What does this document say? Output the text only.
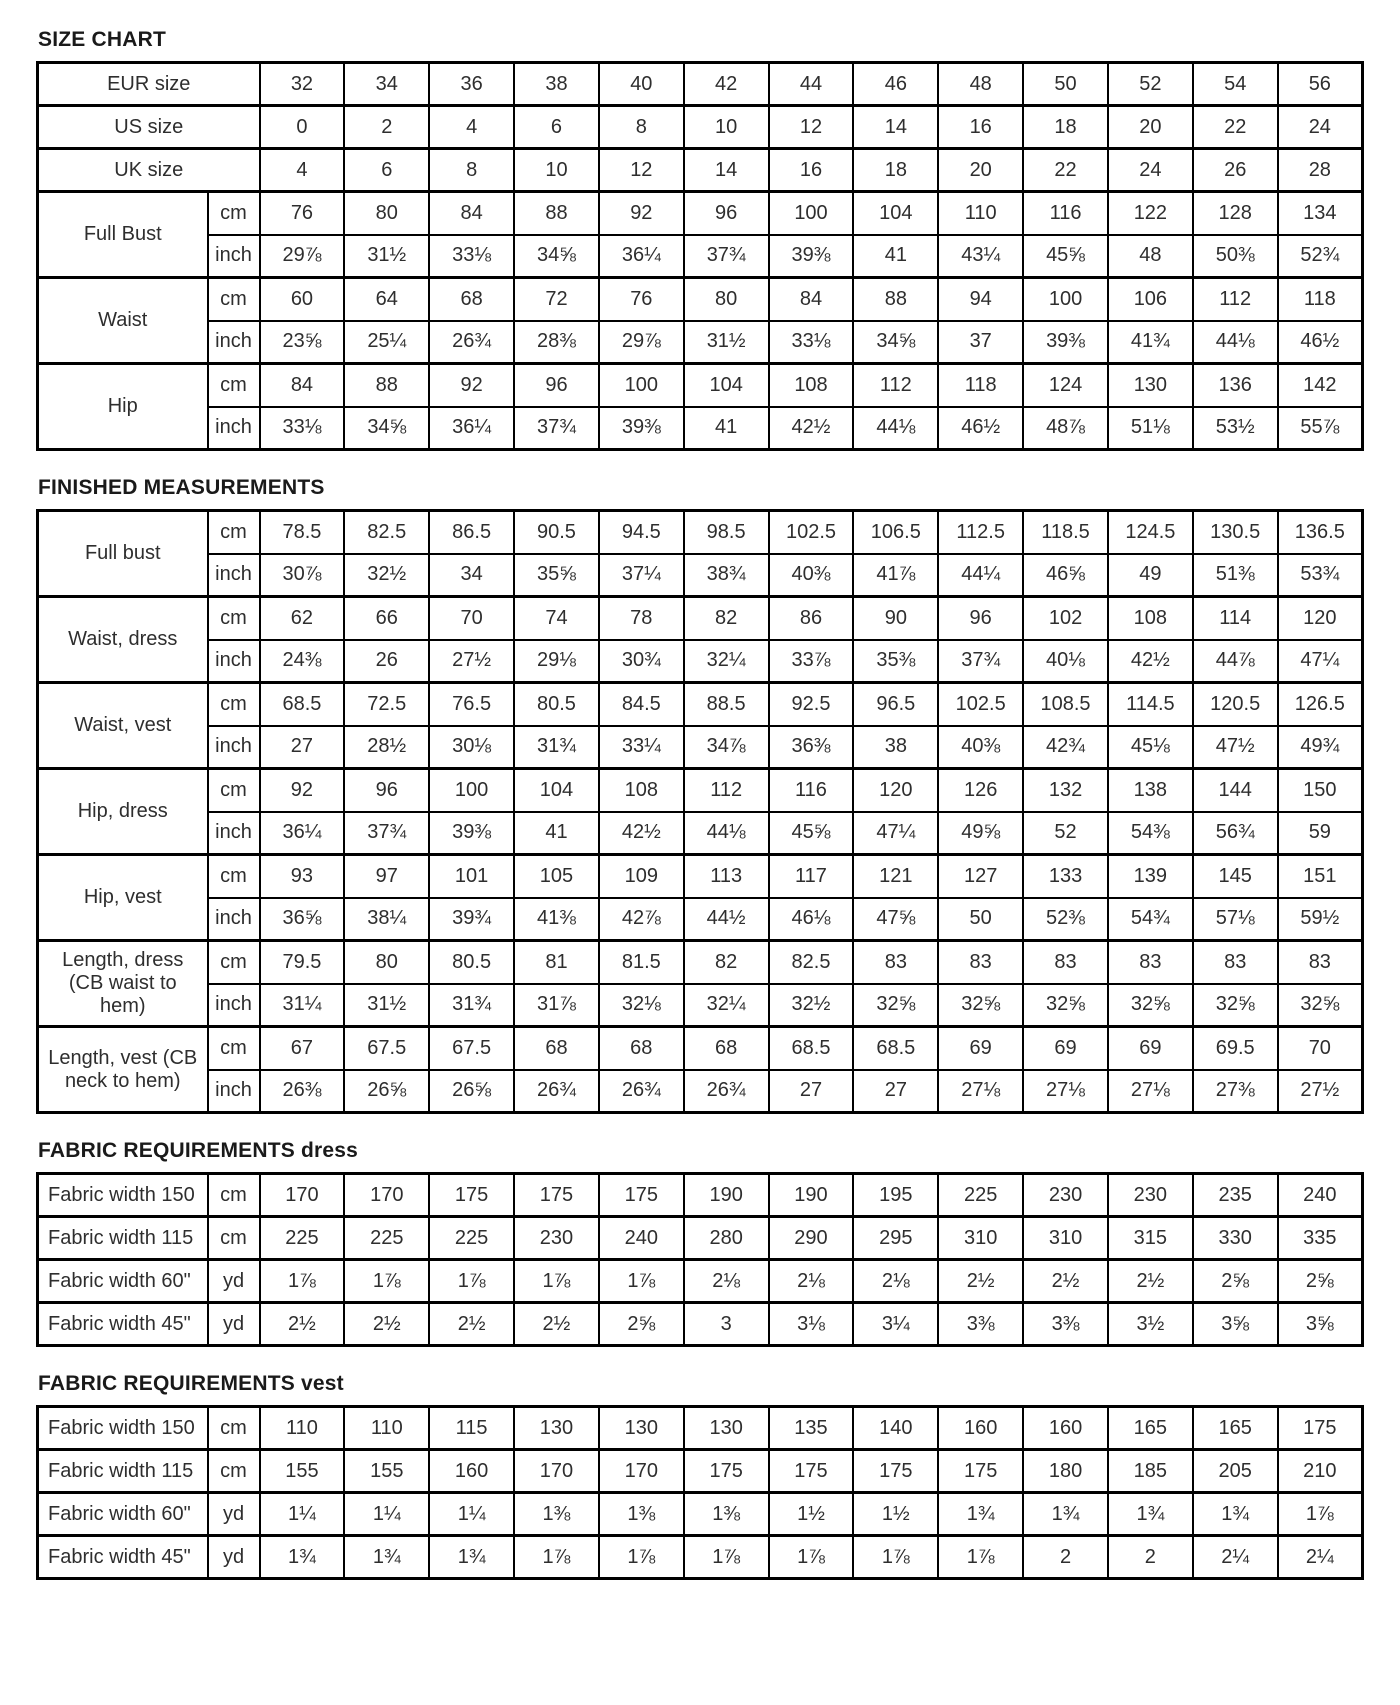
SIZE CHART
EUR size		32	34	36	38	40	42	44	46	48	50	52	54	56
US size		0	2	4	6	8	10	12	14	16	18	20	22	24
UK size		4	6	8	10	12	14	16	18	20	22	24	26	28
Full Bust	cm	76	80	84	88	92	96	100	104	110	116	122	128	134
	inch	29⅞	31½	33⅛	34⅝	36¼	37¾	39⅜	41	43¼	45⅝	48	50⅜	52¾
Waist	cm	60	64	68	72	76	80	84	88	94	100	106	112	118
	inch	23⅝	25¼	26¾	28⅜	29⅞	31½	33⅛	34⅝	37	39⅜	41¾	44⅛	46½
Hip	cm	84	88	92	96	100	104	108	112	118	124	130	136	142
	inch	33⅛	34⅝	36¼	37¾	39⅜	41	42½	44⅛	46½	48⅞	51⅛	53½	55⅞
FINISHED MEASUREMENTS
Full bust	cm	78.5	82.5	86.5	90.5	94.5	98.5	102.5	106.5	112.5	118.5	124.5	130.5	136.5
	inch	30⅞	32½	34	35⅝	37¼	38¾	40⅜	41⅞	44¼	46⅝	49	51⅜	53¾
Waist, dress	cm	62	66	70	74	78	82	86	90	96	102	108	114	120
	inch	24⅜	26	27½	29⅛	30¾	32¼	33⅞	35⅜	37¾	40⅛	42½	44⅞	47¼
Waist, vest	cm	68.5	72.5	76.5	80.5	84.5	88.5	92.5	96.5	102.5	108.5	114.5	120.5	126.5
	inch	27	28½	30⅛	31¾	33¼	34⅞	36⅜	38	40⅜	42¾	45⅛	47½	49¾
Hip, dress	cm	92	96	100	104	108	112	116	120	126	132	138	144	150
	inch	36¼	37¾	39⅜	41	42½	44⅛	45⅝	47¼	49⅝	52	54⅜	56¾	59
Hip, vest	cm	93	97	101	105	109	113	117	121	127	133	139	145	151
	inch	36⅝	38¼	39¾	41⅜	42⅞	44½	46⅛	47⅝	50	52⅜	54¾	57⅛	59½
Length, dress (CB waist to hem)	cm	79.5	80	80.5	81	81.5	82	82.5	83	83	83	83	83	83
	inch	31¼	31½	31¾	31⅞	32⅛	32¼	32½	32⅝	32⅝	32⅝	32⅝	32⅝	32⅝
Length, vest (CB neck to hem)	cm	67	67.5	67.5	68	68	68	68.5	68.5	69	69	69	69.5	70
	inch	26⅜	26⅝	26⅝	26¾	26¾	26¾	27	27	27⅛	27⅛	27⅛	27⅜	27½
FABRIC REQUIREMENTS dress
Fabric width 150	cm	170	170	175	175	175	190	190	195	225	230	230	235	240
Fabric width 115	cm	225	225	225	230	240	280	290	295	310	310	315	330	335
Fabric width 60"	yd	1⅞	1⅞	1⅞	1⅞	1⅞	2⅛	2⅛	2⅛	2½	2½	2½	2⅝	2⅝
Fabric width 45"	yd	2½	2½	2½	2½	2⅝	3	3⅛	3¼	3⅜	3⅜	3½	3⅝	3⅝
FABRIC REQUIREMENTS vest
Fabric width 150	cm	110	110	115	130	130	130	135	140	160	160	165	165	175
Fabric width 115	cm	155	155	160	170	170	175	175	175	175	180	185	205	210
Fabric width 60"	yd	1¼	1¼	1¼	1⅜	1⅜	1⅜	1½	1½	1¾	1¾	1¾	1¾	1⅞
Fabric width 45"	yd	1¾	1¾	1¾	1⅞	1⅞	1⅞	1⅞	1⅞	1⅞	2	2	2¼	2¼
